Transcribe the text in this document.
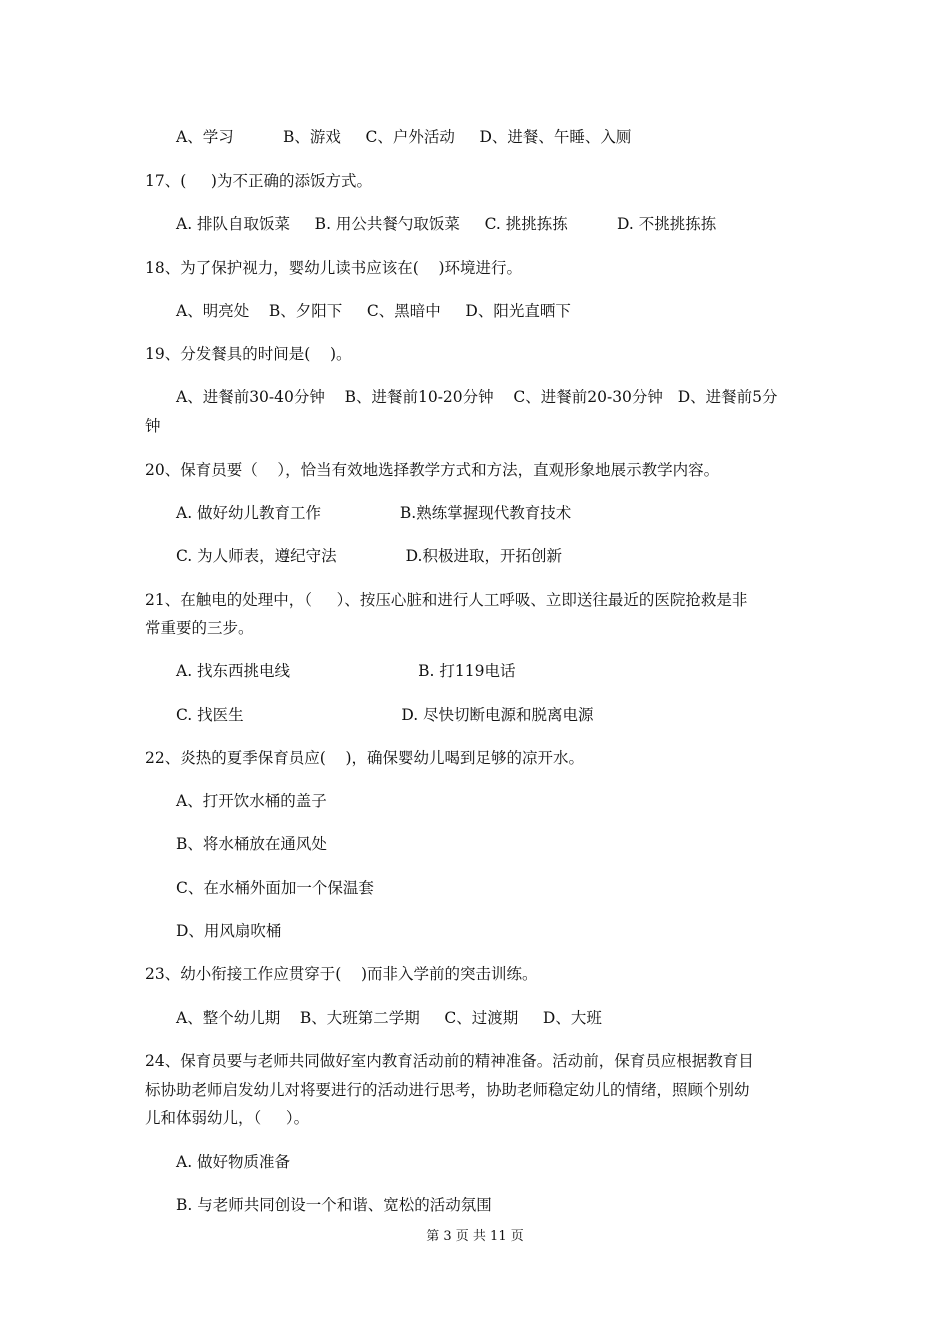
A、学习          B、游戏     C、户外活动     D、进餐、午睡、入厕
17、(     )为不正确的添饭方式。
A. 排队自取饭菜     B. 用公共餐勺取饭菜     C. 挑挑拣拣          D. 不挑挑拣拣
18、为了保护视力，婴幼儿读书应该在(    )环境进行。
A、明亮处    B、夕阳下     C、黑暗中     D、阳光直晒下
19、分发餐具的时间是(    )。
A、进餐前30-40分钟    B、进餐前10-20分钟    C、进餐前20-30分钟   D、进餐前5分
钟
20、保育员要（    ），恰当有效地选择教学方式和方法，直观形象地展示教学内容。
A. 做好幼儿教育工作                B.熟练掌握现代教育技术
C. 为人师表，遵纪守法              D.积极进取，开拓创新
21、在触电的处理中，（     ）、按压心脏和进行人工呼吸、立即送往最近的医院抢救是非
常重要的三步。
A. 找东西挑电线                          B. 打119电话
C. 找医生                                D. 尽快切断电源和脱离电源
22、炎热的夏季保育员应(    )，确保婴幼儿喝到足够的凉开水。
A、打开饮水桶的盖子
B、将水桶放在通风处
C、在水桶外面加一个保温套
D、用风扇吹桶
23、幼小衔接工作应贯穿于(    )而非入学前的突击训练。
A、整个幼儿期    B、大班第二学期     C、过渡期     D、大班
24、保育员要与老师共同做好室内教育活动前的精神准备。活动前，保育员应根据教育目
标协助老师启发幼儿对将要进行的活动进行思考，协助老师稳定幼儿的情绪，照顾个别幼
儿和体弱幼儿，（     ）。
A. 做好物质准备
B. 与老师共同创设一个和谐、宽松的活动氛围
第 3 页 共 11 页
